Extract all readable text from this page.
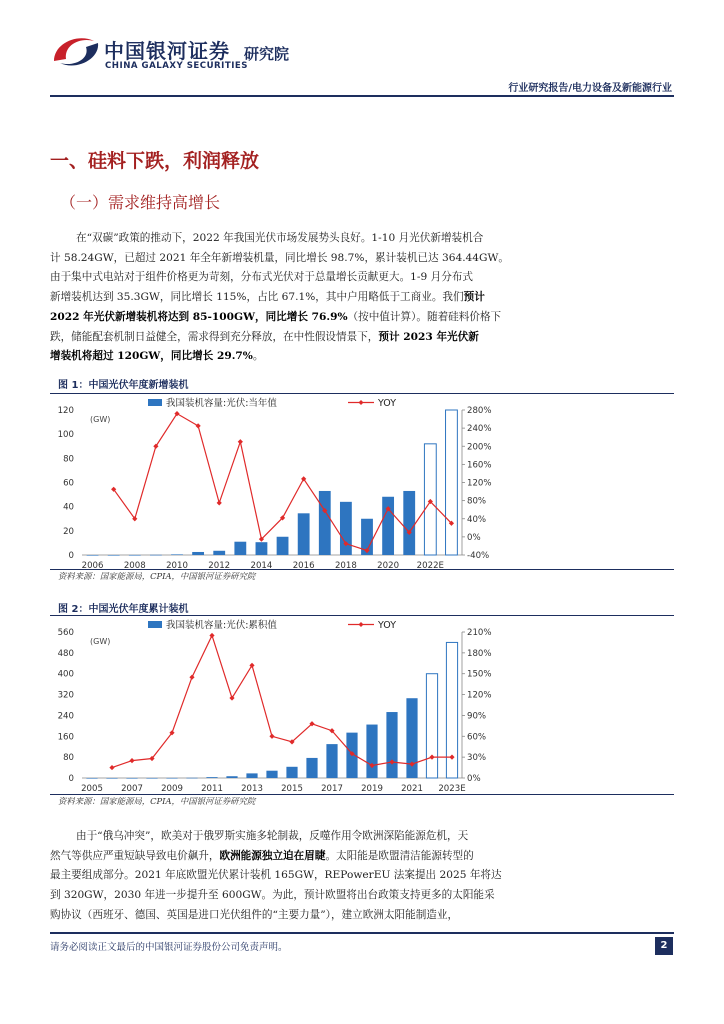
中国银河证券
CHINA GALAXY SECURITIES
研究院
行业研究报告/电力设备及新能源行业
一、硅料下跌，利润释放
（一）需求维持高增长
在“双碳”政策的推动下，2022 年我国光伏市场发展势头良好。1-10 月光伏新增装机合
计 58.24GW，已超过 2021 年全年新增装机量，同比增长 98.7%，累计装机已达 364.44GW。
由于集中式电站对于组件价格更为苛刻，分布式光伏对于总量增长贡献更大。1-9 月分布式
新增装机达到 35.3GW，同比增长 115%，占比 67.1%，其中户用略低于工商业。我们预计
2022 年光伏新增装机将达到 85-100GW，同比增长 76.9%（按中值计算）。随着硅料价格下
跌，储能配套机制日益健全，需求得到充分释放，在中性假设情景下，预计 2023 年光伏新
增装机将超过 120GW，同比增长 29.7%。
图 1：中国光伏年度新增装机
0
20
40
60
80
100
120
-40%
0%
40%
80%
120%
160%
200%
240%
280%
(GW)
2006 2008 2010 2012 2014 2016 2018 2020 2022E
我国装机容量:光伏:当年值	YOY
资料来源：国家能源局，CPIA，中国银河证券研究院
图 2：中国光伏年度累计装机
0
80
160
240
320
400
480
560
0%
30%
60%
90%
120%
150%
180%
210%
(GW)
2005 2007 2009 2011 2013 2015 2017 2019 2021 2023E
我国装机容量:光伏:累积值	YOY
资料来源：国家能源局，CPIA，中国银河证券研究院
由于“俄乌冲突”，欧美对于俄罗斯实施多轮制裁，反噬作用令欧洲深陷能源危机，天
然气等供应严重短缺导致电价飙升，欧洲能源独立迫在眉睫。太阳能是欧盟清洁能源转型的
最主要组成部分。2021 年底欧盟光伏累计装机 165GW，REPowerEU 法案提出 2025 年将达
到 320GW，2030 年进一步提升至 600GW。为此，预计欧盟将出台政策支持更多的太阳能采
购协议（西班牙、德国、英国是进口光伏组件的“主要力量”），建立欧洲太阳能制造业，
请务必阅读正文最后的中国银河证券股份公司免责声明。	2
